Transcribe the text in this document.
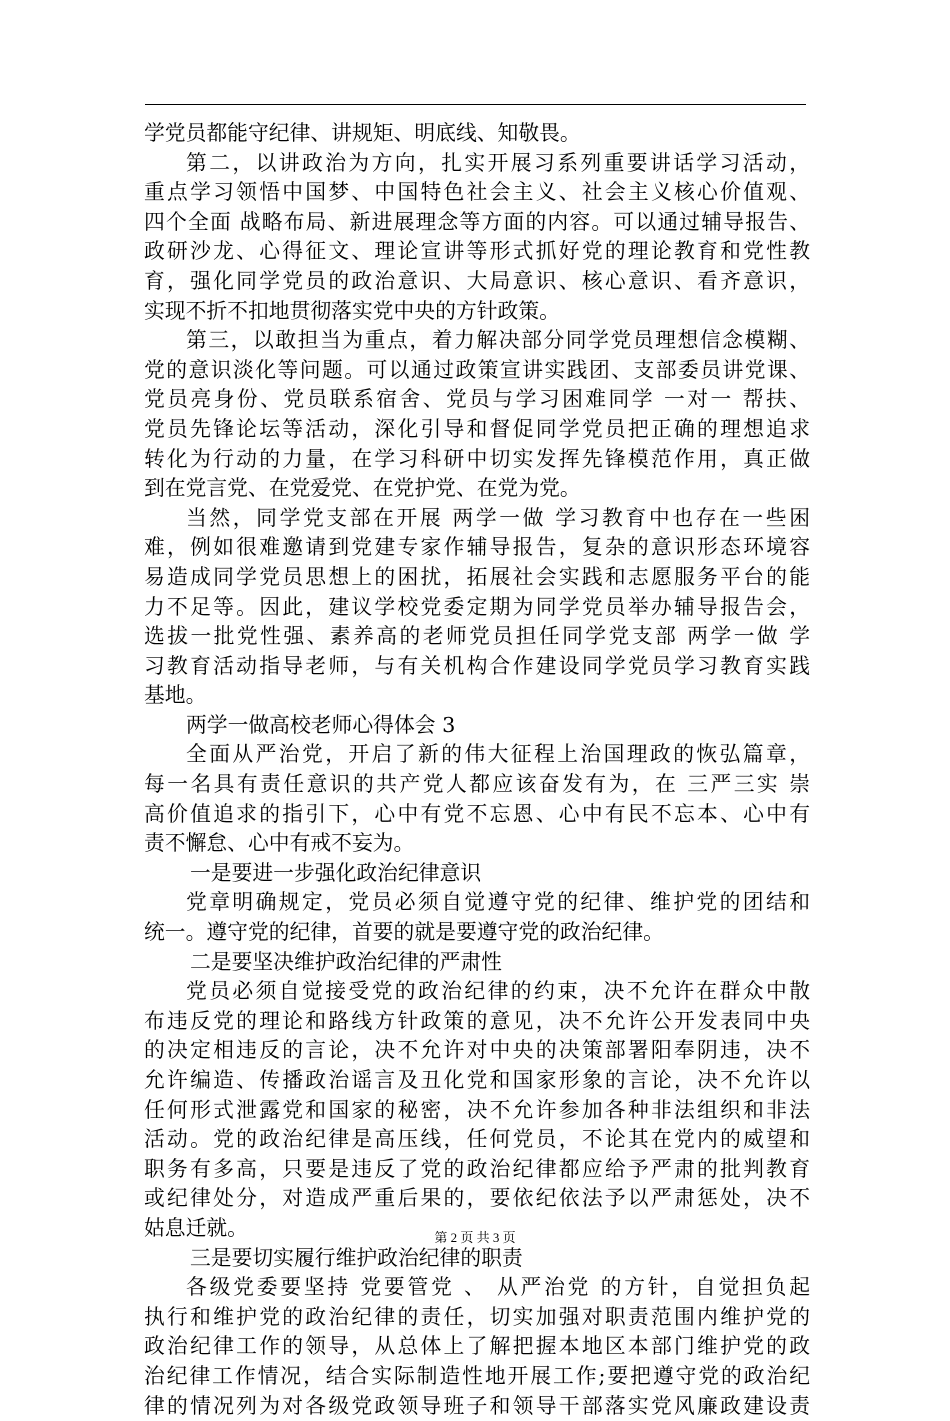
学党员都能守纪律、讲规矩、明底线、知敬畏。
第二，以讲政治为方向，扎实开展习系列重要讲话学习活动，
重点学习领悟中国梦、中国特色社会主义、社会主义核心价值观、
四个全面 战略布局、新进展理念等方面的内容。可以通过辅导报告、
政研沙龙、心得征文、理论宣讲等形式抓好党的理论教育和党性教
育，强化同学党员的政治意识、大局意识、核心意识、看齐意识，
实现不折不扣地贯彻落实党中央的方针政策。
第三，以敢担当为重点，着力解决部分同学党员理想信念模糊、
党的意识淡化等问题。可以通过政策宣讲实践团、支部委员讲党课、
党员亮身份、党员联系宿舍、党员与学习困难同学 一对一 帮扶、
党员先锋论坛等活动，深化引导和督促同学党员把正确的理想追求
转化为行动的力量，在学习科研中切实发挥先锋模范作用，真正做
到在党言党、在党爱党、在党护党、在党为党。
当然，同学党支部在开展 两学一做 学习教育中也存在一些困
难，例如很难邀请到党建专家作辅导报告，复杂的意识形态环境容
易造成同学党员思想上的困扰，拓展社会实践和志愿服务平台的能
力不足等。因此，建议学校党委定期为同学党员举办辅导报告会，
选拔一批党性强、素养高的老师党员担任同学党支部 两学一做 学
习教育活动指导老师，与有关机构合作建设同学党员学习教育实践
基地。
两学一做高校老师心得体会 3
全面从严治党，开启了新的伟大征程上治国理政的恢弘篇章，
每一名具有责任意识的共产党人都应该奋发有为，在 三严三实 崇
高价值追求的指引下，心中有党不忘恩、心中有民不忘本、心中有
责不懈怠、心中有戒不妄为。
一是要进一步强化政治纪律意识
党章明确规定，党员必须自觉遵守党的纪律、维护党的团结和
统一。遵守党的纪律，首要的就是要遵守党的政治纪律。
二是要坚决维护政治纪律的严肃性
党员必须自觉接受党的政治纪律的约束，决不允许在群众中散
布违反党的理论和路线方针政策的意见，决不允许公开发表同中央
的决定相违反的言论，决不允许对中央的决策部署阳奉阴违，决不
允许编造、传播政治谣言及丑化党和国家形象的言论，决不允许以
任何形式泄露党和国家的秘密，决不允许参加各种非法组织和非法
活动。党的政治纪律是高压线，任何党员，不论其在党内的威望和
职务有多高，只要是违反了党的政治纪律都应给予严肃的批判教育
或纪律处分，对造成严重后果的，要依纪依法予以严肃惩处，决不
姑息迁就。
三是要切实履行维护政治纪律的职责
各级党委要坚持 党要管党 、 从严治党 的方针，自觉担负起
执行和维护党的政治纪律的责任，切实加强对职责范围内维护党的
政治纪律工作的领导，从总体上了解把握本地区本部门维护党的政
治纪律工作情况，结合实际制造性地开展工作;要把遵守党的政治纪
律的情况列为对各级党政领导班子和领导干部落实党风廉政建设责
第 2 页 共 3 页
